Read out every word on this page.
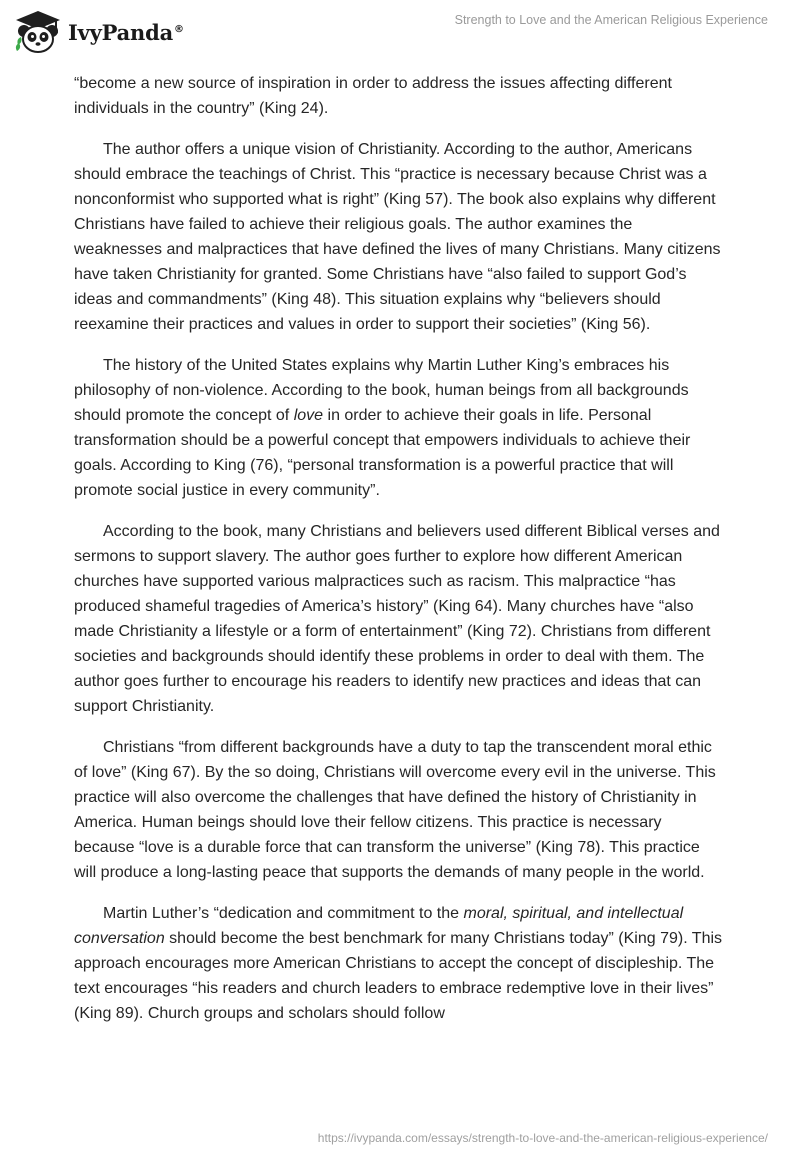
IvyPanda®
Strength to Love and the American Religious Experience

“become a new source of inspiration in order to address the issues affecting different individuals in the country” (King 24).

The author offers a unique vision of Christianity. According to the author, Americans should embrace the teachings of Christ. This “practice is necessary because Christ was a nonconformist who supported what is right” (King 57). The book also explains why different Christians have failed to achieve their religious goals. The author examines the weaknesses and malpractices that have defined the lives of many Christians. Many citizens have taken Christianity for granted. Some Christians have “also failed to support God’s ideas and commandments” (King 48). This situation explains why “believers should reexamine their practices and values in order to support their societies” (King 56).

The history of the United States explains why Martin Luther King’s embraces his philosophy of non-violence. According to the book, human beings from all backgrounds should promote the concept of love in order to achieve their goals in life. Personal transformation should be a powerful concept that empowers individuals to achieve their goals. According to King (76), “personal transformation is a powerful practice that will promote social justice in every community”.

According to the book, many Christians and believers used different Biblical verses and sermons to support slavery. The author goes further to explore how different American churches have supported various malpractices such as racism. This malpractice “has produced shameful tragedies of America’s history” (King 64). Many churches have “also made Christianity a lifestyle or a form of entertainment” (King 72). Christians from different societies and backgrounds should identify these problems in order to deal with them. The author goes further to encourage his readers to identify new practices and ideas that can support Christianity.

Christians “from different backgrounds have a duty to tap the transcendent moral ethic of love” (King 67). By the so doing, Christians will overcome every evil in the universe. This practice will also overcome the challenges that have defined the history of Christianity in America. Human beings should love their fellow citizens. This practice is necessary because “love is a durable force that can transform the universe” (King 78). This practice will produce a long-lasting peace that supports the demands of many people in the world.

Martin Luther’s “dedication and commitment to the moral, spiritual, and intellectual conversation should become the best benchmark for many Christians today” (King 79). This approach encourages more American Christians to accept the concept of discipleship. The text encourages “his readers and church leaders to embrace redemptive love in their lives” (King 89). Church groups and scholars should follow

https://ivypanda.com/essays/strength-to-love-and-the-american-religious-experience/
